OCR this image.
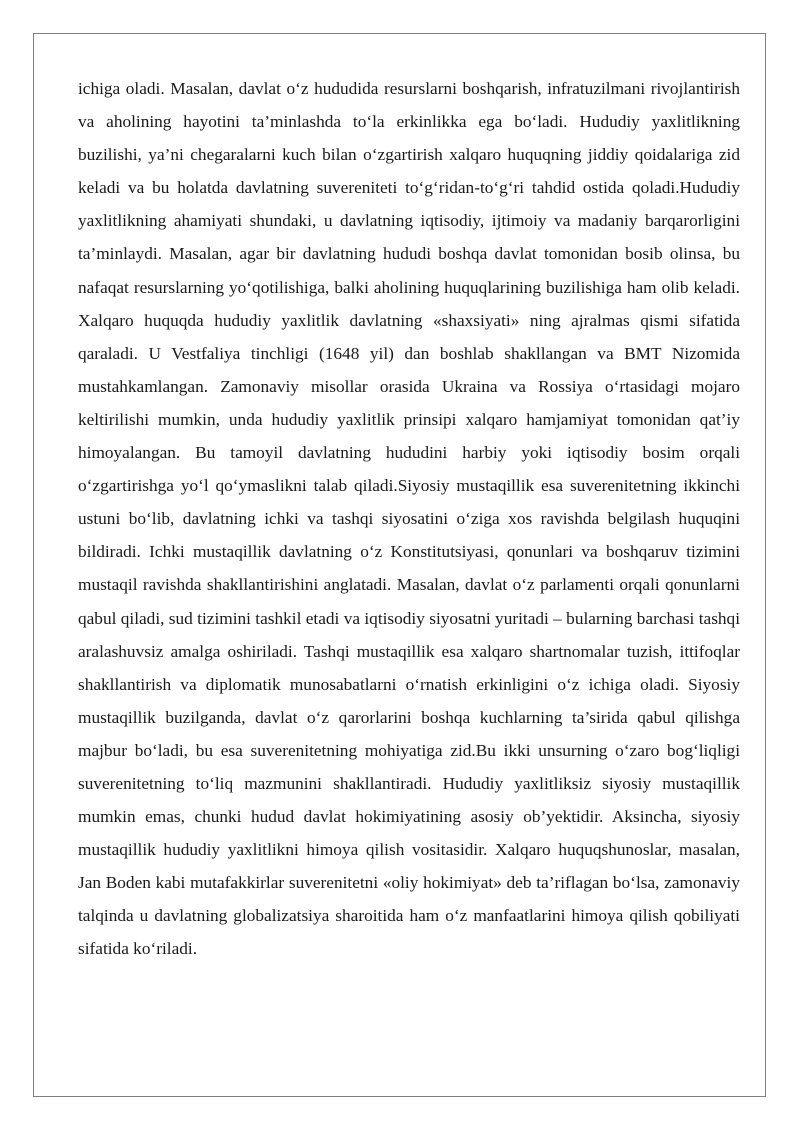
ichiga oladi. Masalan, davlat o‘z hududida resurslarni boshqarish, infratuzilmani rivojlantirish va aholining hayotini ta’minlashda to‘la erkinlikka ega bo‘ladi. Hududiy yaxlitlikning buzilishi, ya’ni chegaralarni kuch bilan o‘zgartirish xalqaro huquqning jiddiy qoidalariga zid keladi va bu holatda davlatning suvereniteti to‘g‘ridan-to‘g‘ri tahdid ostida qoladi.Hududiy yaxlitlikning ahamiyati shundaki, u davlatning iqtisodiy, ijtimoiy va madaniy barqarorligini ta’minlaydi. Masalan, agar bir davlatning hududi boshqa davlat tomonidan bosib olinsa, bu nafaqat resurslarning yo‘qotilishiga, balki aholining huquqlarining buzilishiga ham olib keladi. Xalqaro huquqda hududiy yaxlitlik davlatning «shaxsiyati» ning ajralmas qismi sifatida qaraladi. U Vestfaliya tinchligi (1648 yil) dan boshlab shakllangan va BMT Nizomida mustahkamlangan. Zamonaviy misollar orasida Ukraina va Rossiya o‘rtasidagi mojaro keltirilishi mumkin, unda hududiy yaxlitlik prinsipi xalqaro hamjamiyat tomonidan qat’iy himoyalangan. Bu tamoyil davlatning hududini harbiy yoki iqtisodiy bosim orqali o‘zgartirishga yo‘l qo‘ymaslikni talab qiladi.Siyosiy mustaqillik esa suverenitetning ikkinchi ustuni bo‘lib, davlatning ichki va tashqi siyosatini o‘ziga xos ravishda belgilash huquqini bildiradi. Ichki mustaqillik davlatning o‘z Konstitutsiyasi, qonunlari va boshqaruv tizimini mustaqil ravishda shakllantirishini anglatadi. Masalan, davlat o‘z parlamenti orqali qonunlarni qabul qiladi, sud tizimini tashkil etadi va iqtisodiy siyosatni yuritadi – bularning barchasi tashqi aralashuvsiz amalga oshiriladi. Tashqi mustaqillik esa xalqaro shartnomalar tuzish, ittifoqlar shakllantirish va diplomatik munosabatlarni o‘rnatish erkinligini o‘z ichiga oladi. Siyosiy mustaqillik buzilganda, davlat o‘z qarorlarini boshqa kuchlarning ta’sirida qabul qilishga majbur bo‘ladi, bu esa suverenitetning mohiyatiga zid.Bu ikki unsurning o‘zaro bog‘liqligi suverenitetning to‘liq mazmunini shakllantiradi. Hududiy yaxlitliksiz siyosiy mustaqillik mumkin emas, chunki hudud davlat hokimiyatining asosiy ob’yektidir. Aksincha, siyosiy mustaqillik hududiy yaxlitlikni himoya qilish vositasidir. Xalqaro huquqshunoslar, masalan, Jan Boden kabi mutafakkirlar suverenitetni «oliy hokimiyat» deb ta’riflagan bo‘lsa, zamonaviy talqinda u davlatning globalizatsiya sharoitida ham o‘z manfaatlarini himoya qilish qobiliyati sifatida ko‘riladi.
